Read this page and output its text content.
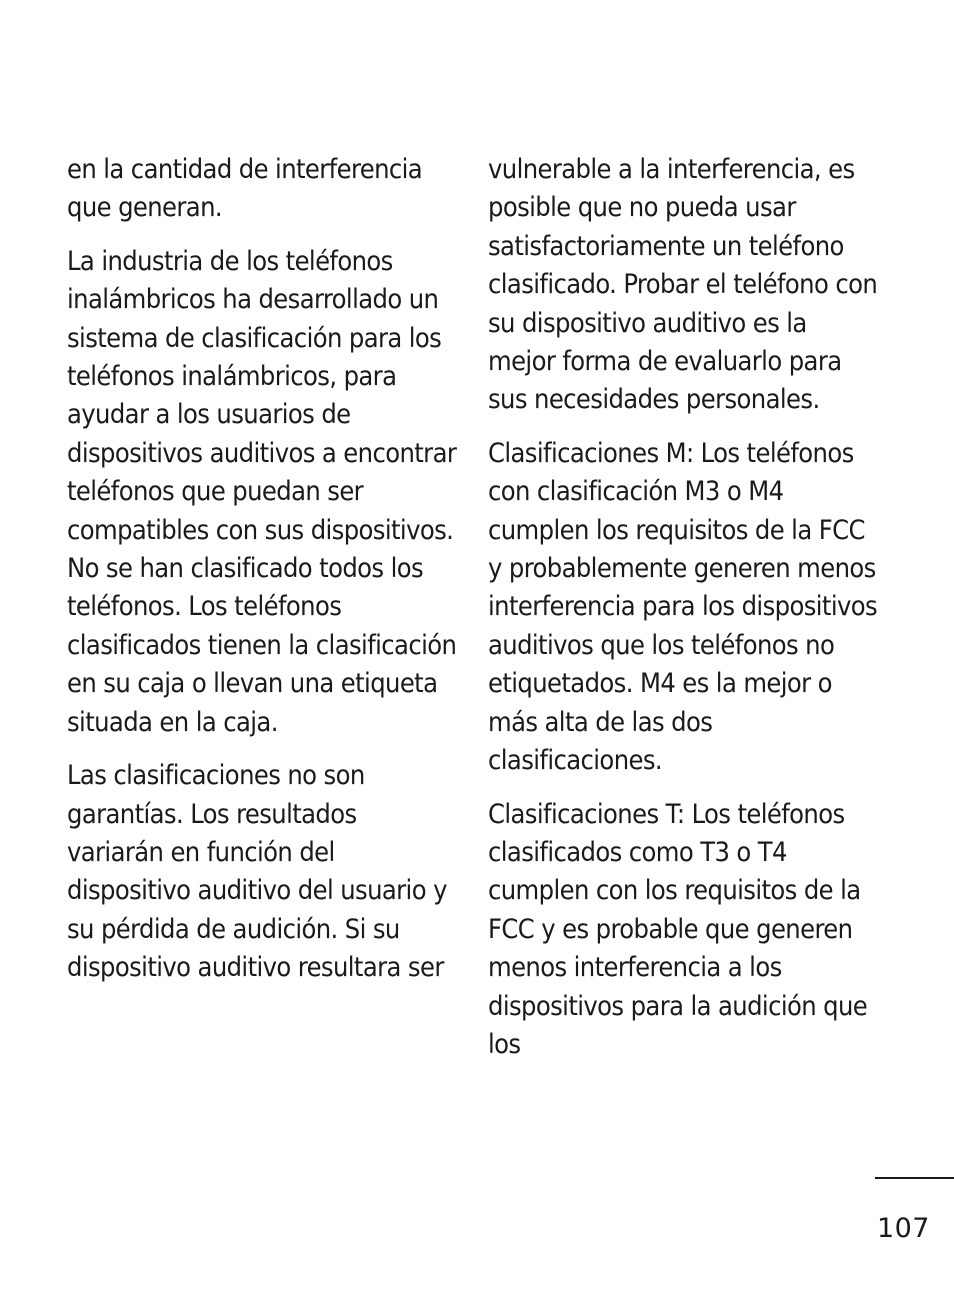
en la cantidad de interferencia que generan.

La industria de los teléfonos inalámbricos ha desarrollado un sistema de clasificación para los teléfonos inalámbricos, para ayudar a los usuarios de dispositivos auditivos a encontrar teléfonos que puedan ser compatibles con sus dispositivos. No se han clasificado todos los teléfonos. Los teléfonos clasificados tienen la clasificación en su caja o llevan una etiqueta situada en la caja.

Las clasificaciones no son garantías. Los resultados variarán en función del dispositivo auditivo del usuario y su pérdida de audición. Si su dispositivo auditivo resultara ser

vulnerable a la interferencia, es posible que no pueda usar satisfactoriamente un teléfono clasificado. Probar el teléfono con su dispositivo auditivo es la mejor forma de evaluarlo para sus necesidades personales.

Clasificaciones M: Los teléfonos con clasificación M3 o M4 cumplen los requisitos de la FCC y probablemente generen menos interferencia para los dispositivos auditivos que los teléfonos no etiquetados. M4 es la mejor o más alta de las dos clasificaciones.

Clasificaciones T: Los teléfonos clasificados como T3 o T4 cumplen con los requisitos de la FCC y es probable que generen menos interferencia a los dispositivos para la audición que los

107
